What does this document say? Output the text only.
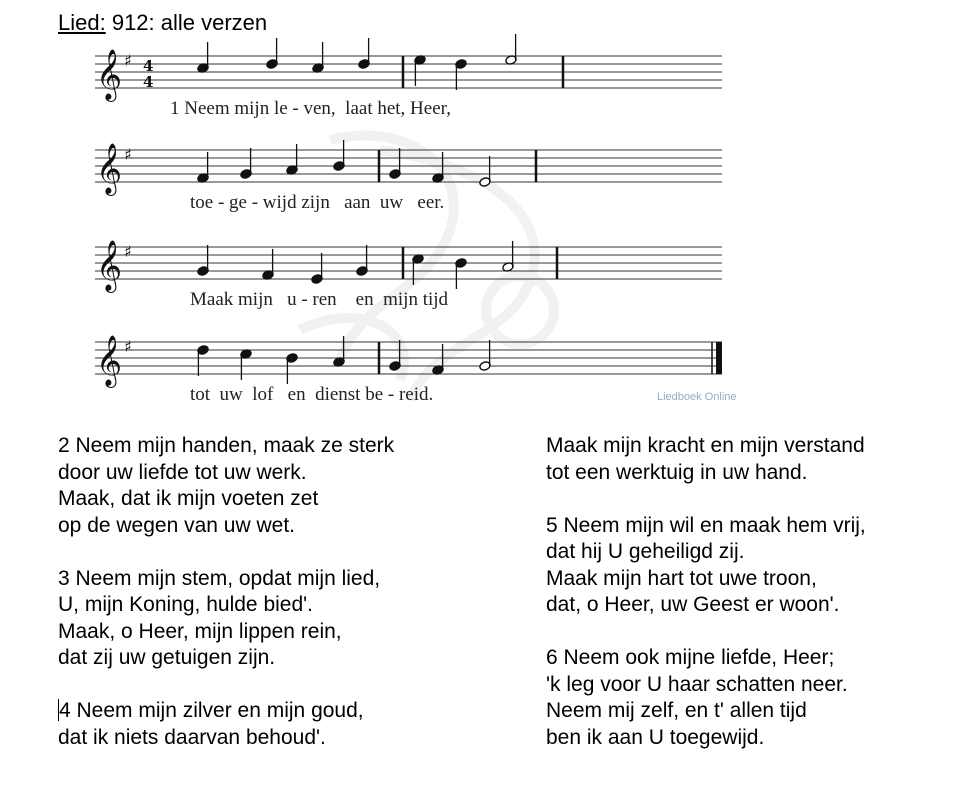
Lied: 912: alle verzen
𝄞 ♯ 4
4
𝄞 ♯
𝄞 ♯
𝄞 ♯
Liedboek Online
1 Neem mijn le - ven,  laat het, Heer,
toe - ge - wijd zijn   aan  uw   eer.
Maak mijn   u - ren    en  mijn tijd
tot  uw  lof   en  dienst be - reid.
2 Neem mijn handen, maak ze sterk
door uw liefde tot uw werk.
Maak, dat ik mijn voeten zet
op de wegen van uw wet.
3 Neem mijn stem, opdat mijn lied,
U, mijn Koning, hulde bied'.
Maak, o Heer, mijn lippen rein,
dat zij uw getuigen zijn.
4 Neem mijn zilver en mijn goud,
dat ik niets daarvan behoud'.
Maak mijn kracht en mijn verstand
tot een werktuig in uw hand.
5 Neem mijn wil en maak hem vrij,
dat hij U geheiligd zij.
Maak mijn hart tot uwe troon,
dat, o Heer, uw Geest er woon'.
6 Neem ook mijne liefde, Heer;
'k leg voor U haar schatten neer.
Neem mij zelf, en t' allen tijd
ben ik aan U toegewijd.
